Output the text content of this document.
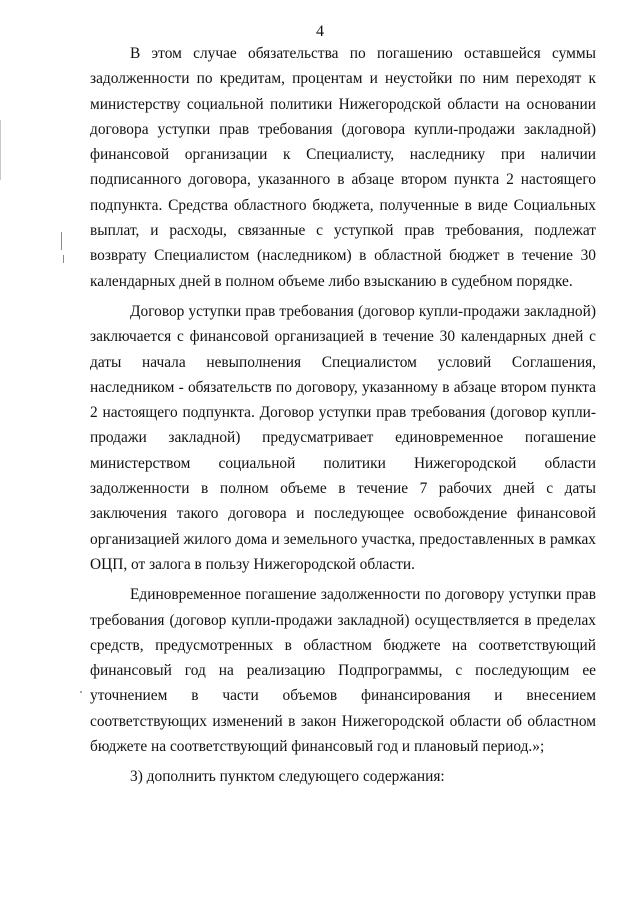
4

В этом случае обязательства по погашению оставшейся суммы задолженности по кредитам, процентам и неустойки по ним переходят к министерству социальной политики Нижегородской области на основании договора уступки прав требования (договора купли-продажи закладной) финансовой организации к Специалисту, наследнику при наличии подписанного договора, указанного в абзаце втором пункта 2 настоящего подпункта. Средства областного бюджета, полученные в виде Социальных выплат, и расходы, связанные с уступкой прав требования, подлежат возврату Специалистом (наследником) в областной бюджет в течение 30 календарных дней в полном объеме либо взысканию в судебном порядке.

Договор уступки прав требования (договор купли-продажи закладной) заключается с финансовой организацией в течение 30 календарных дней с даты начала невыполнения Специалистом условий Соглашения, наследником - обязательств по договору, указанному в абзаце втором пункта 2 настоящего подпункта. Договор уступки прав требования (договор купли-продажи закладной) предусматривает единовременное погашение министерством социальной политики Нижегородской области задолженности в полном объеме в течение 7 рабочих дней с даты заключения такого договора и последующее освобождение финансовой организацией жилого дома и земельного участка, предоставленных в рамках ОЦП, от залога в пользу Нижегородской области.

Единовременное погашение задолженности по договору уступки прав требования (договор купли-продажи закладной) осуществляется в пределах средств, предусмотренных в областном бюджете на соответствующий финансовый год на реализацию Подпрограммы, с последующим ее уточнением в части объемов финансирования и внесением соответствующих изменений в закон Нижегородской области об областном бюджете на соответствующий финансовый год и плановый период.»;

3) дополнить пунктом следующего содержания:
